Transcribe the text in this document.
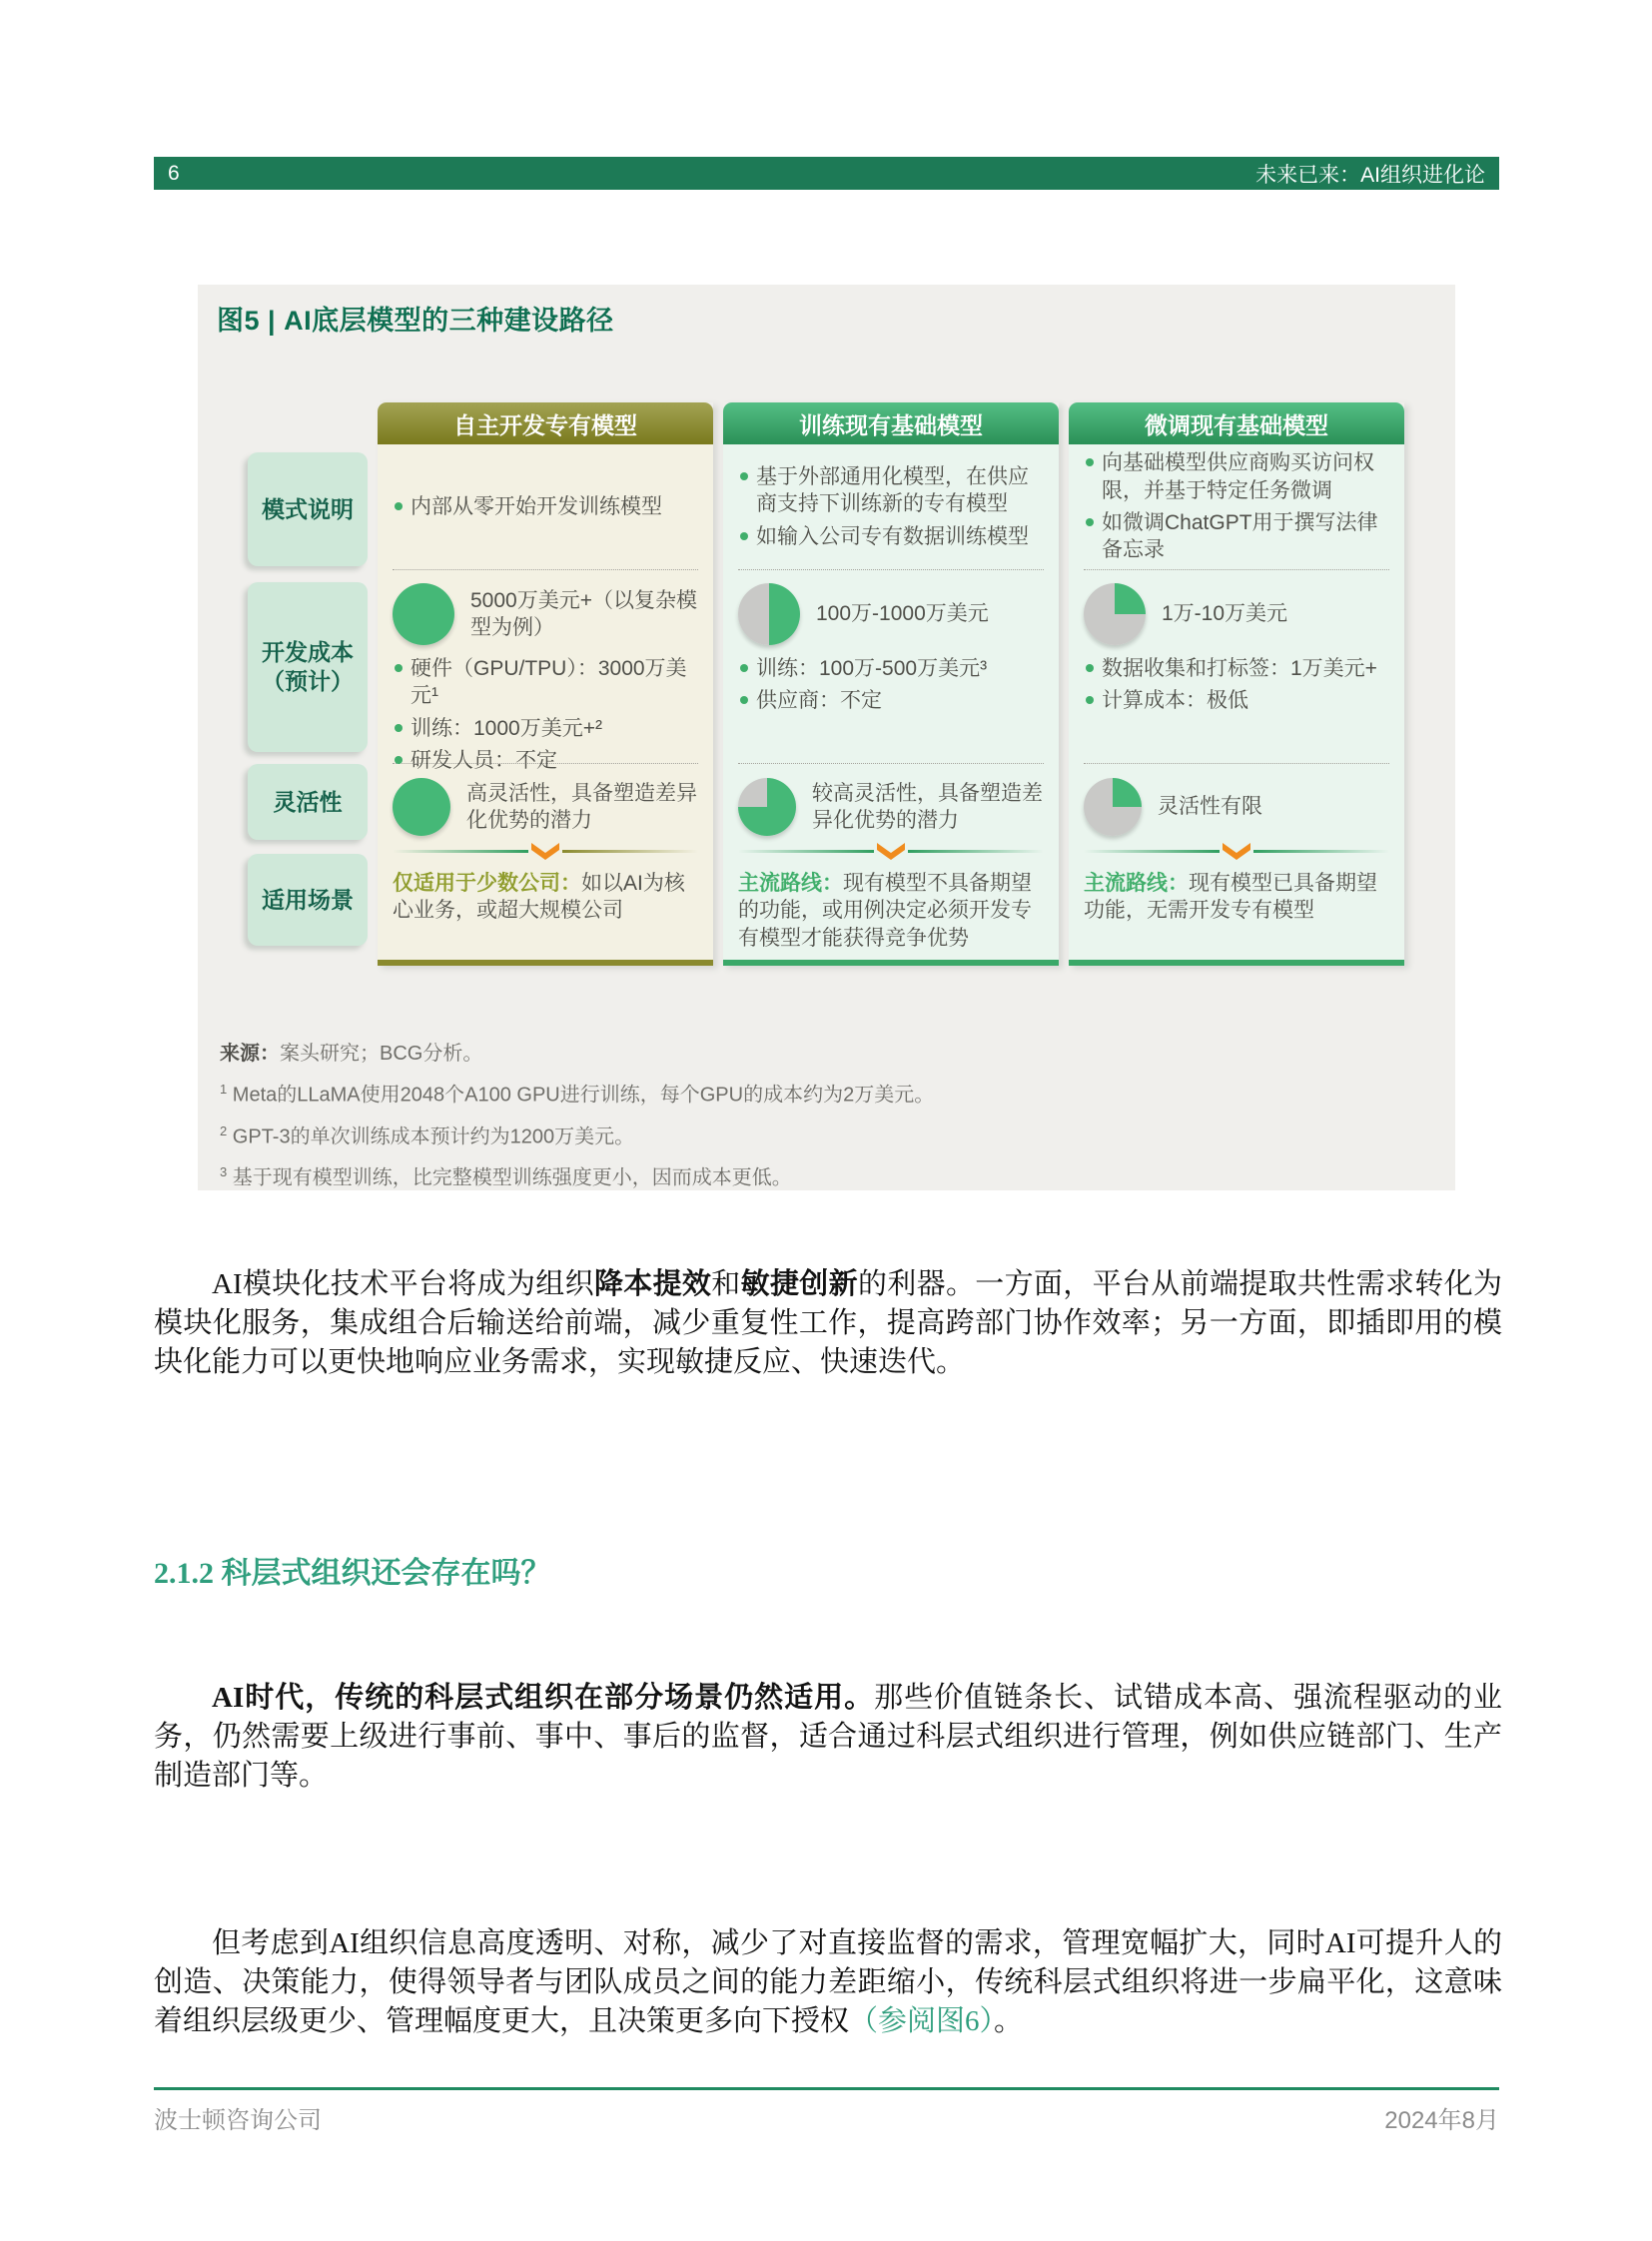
6	未来已来：AI组织进化论
图5 | AI底层模型的三种建设路径
模式说明
开发成本
（预计）
灵活性
适用场景
自主开发专有模型
内部从零开始开发训练模型
5000万美元+（以复杂模型为例）
硬件（GPU/TPU）：3000万美元¹
训练：1000万美元+²
研发人员：不定
高灵活性，具备塑造差异化优势的潜力
仅适用于少数公司：如以AI为核心业务，或超大规模公司
训练现有基础模型
基于外部通用化模型，在供应商支持下训练新的专有模型
如输入公司专有数据训练模型
100万-1000万美元
训练：100万-500万美元³
供应商：不定
较高灵活性，具备塑造差异化优势的潜力
主流路线：现有模型不具备期望的功能，或用例决定必须开发专有模型才能获得竞争优势
微调现有基础模型
向基础模型供应商购买访问权限，并基于特定任务微调
如微调ChatGPT用于撰写法律备忘录
1万-10万美元
数据收集和打标签：1万美元+
计算成本：极低
灵活性有限
主流路线：现有模型已具备期望功能，无需开发专有模型
来源：案头研究；BCG分析。
$^1$ Meta的LLaMA使用2048个A100 GPU进行训练，每个GPU的成本约为2万美元。
$^2$ GPT-3的单次训练成本预计约为1200万美元。
$^3$ 基于现有模型训练，比完整模型训练强度更小，因而成本更低。

AI模块化技术平台将成为组织降本提效和敏捷创新的利器。一方面，平台从前端提取共性需求转化为模块化服务，集成组合后输送给前端，减少重复性工作，提高跨部门协作效率；另一方面，即插即用的模块化能力可以更快地响应业务需求，实现敏捷反应、快速迭代。

2.1.2 科层式组织还会存在吗？

AI时代，传统的科层式组织在部分场景仍然适用。那些价值链条长、试错成本高、强流程驱动的业务，仍然需要上级进行事前、事中、事后的监督，适合通过科层式组织进行管理，例如供应链部门、生产制造部门等。

但考虑到AI组织信息高度透明、对称，减少了对直接监督的需求，管理宽幅扩大，同时AI可提升人的创造、决策能力，使得领导者与团队成员之间的能力差距缩小，传统科层式组织将进一步扁平化，这意味着组织层级更少、管理幅度更大，且决策更多向下授权（参阅图6）。

波士顿咨询公司	2024年8月
